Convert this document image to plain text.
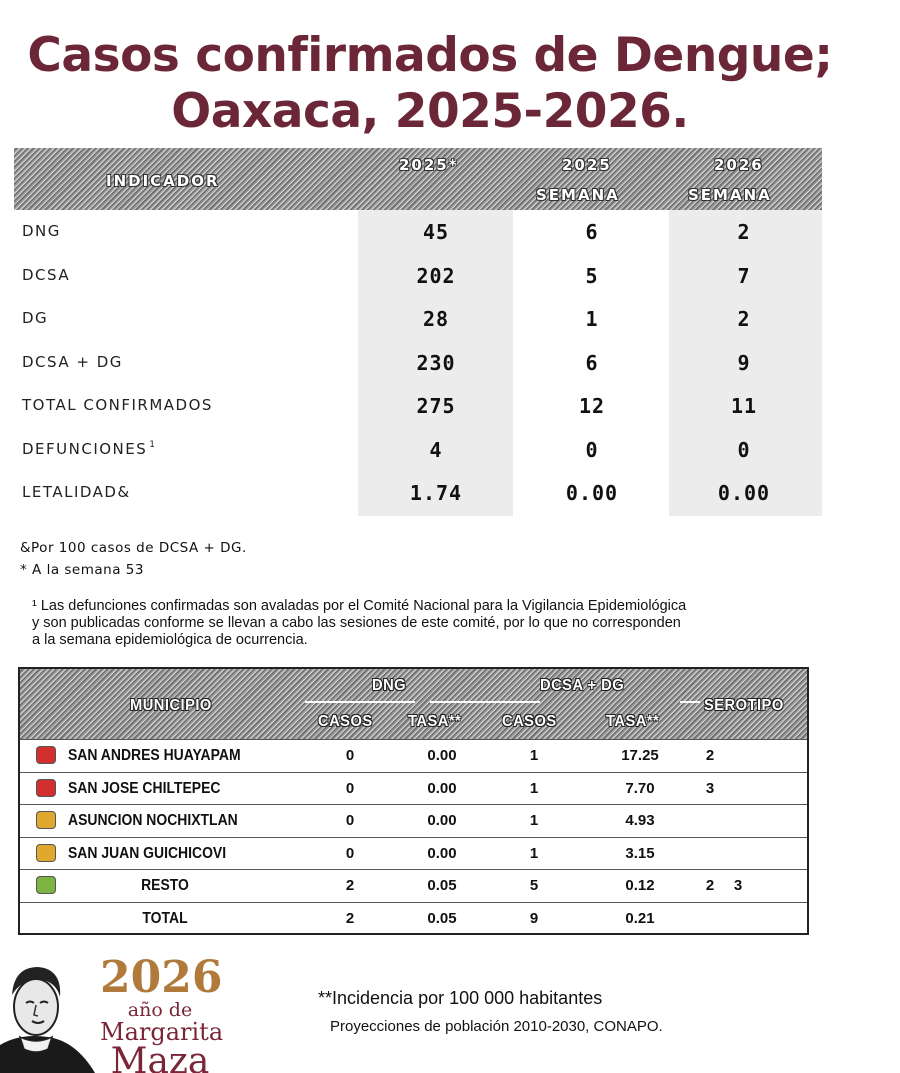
Casos confirmados de Dengue;
Oaxaca, 2025-2026.
INDICADOR
2025*	2025
SEMANA
2026
SEMANA
DNG	45	6	2
DCSA	202	5	7
DG	28	1	2
DCSA + DG	230	6	9
TOTAL CONFIRMADOS	275	12	11
DEFUNCIONES $^1$	4	0	0
LETALIDAD&	1.74	0.00	0.00
&Por 100 casos de DCSA + DG.
* A la semana 53
¹ Las defunciones confirmadas son avaladas por el Comité Nacional para la Vigilancia Epidemiológica
y son publicadas conforme se llevan a cabo las sesiones de este comité, por lo que no corresponden
a la semana epidemiológica de ocurrencia.
MUNICIPIO
DNG	DCSA + DG
CASOS TASA**	CASOS	TASA**
SEROTIPO
SAN ANDRES HUAYAPAM	0	0.00	1	17.25	2
SAN JOSE CHILTEPEC	0	0.00	1	7.70	3
ASUNCION NOCHIXTLAN	0	0.00	1	4.93
SAN JUAN GUICHICOVI	0	0.00	1	3.15
RESTO	2	0.05	5	0.12	2	3
TOTAL	2	0.05	9	0.21
2026
año de
Margarita
Maza
**Incidencia por 100 000 habitantes
Proyecciones de población 2010-2030, CONAPO.
